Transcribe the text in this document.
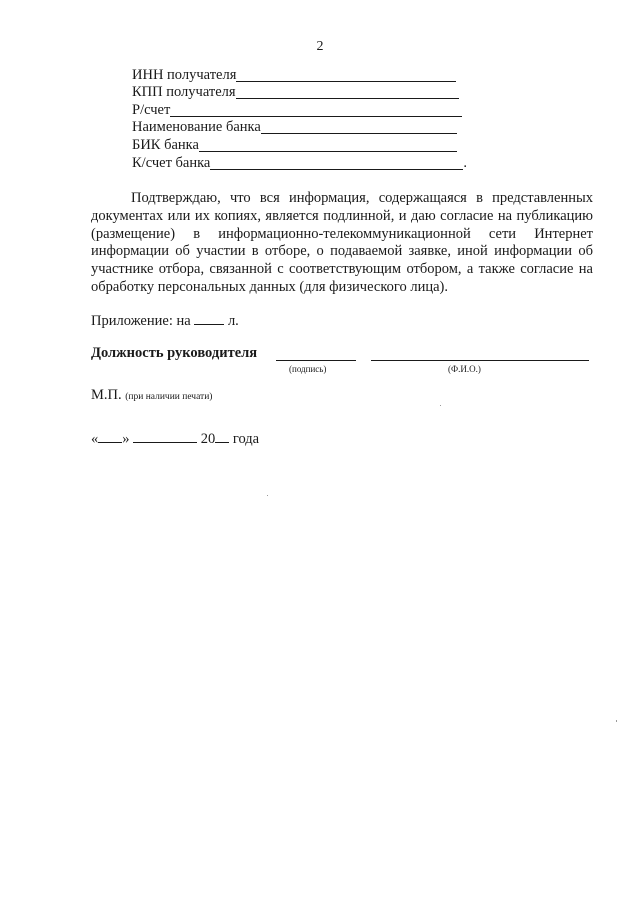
2
ИНН получателя
КПП получателя
Р/счет
Наименование банка
БИК банка
К/счет банка	.
Подтверждаю, что вся информация, содержащаяся в представленных документах или их копиях, является подлинной, и даю согласие на публикацию (размещение) в информационно-телекоммуникационной сети Интернет информации об участии в отборе, о подаваемой заявке, иной информации об участнике отбора, связанной с соответствующим отбором, а также согласие на обработку персональных данных (для физического лица).
Приложение: на	л.
Должность руководителя
(подпись)	(Ф.И.О.)
М.П. (при наличии печати)
« »	20 года
